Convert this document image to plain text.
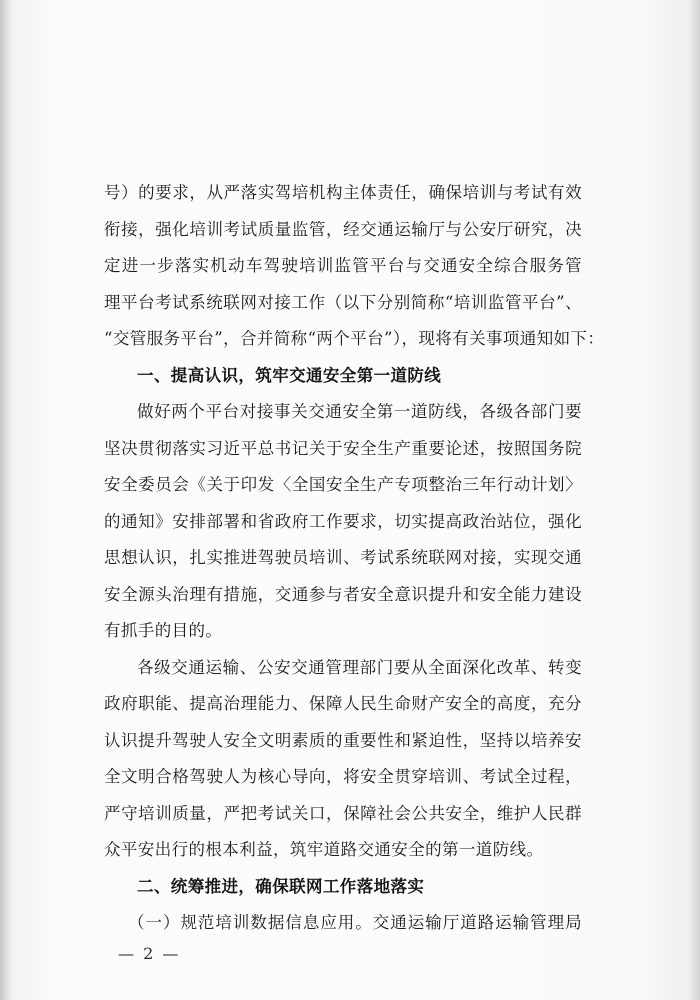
号）的要求，从严落实驾培机构主体责任，确保培训与考试有效
衔接，强化培训考试质量监管，经交通运输厅与公安厅研究，决
定进一步落实机动车驾驶培训监管平台与交通安全综合服务管
理平台考试系统联网对接工作（以下分别简称“培训监管平台”、
“交管服务平台”，合并简称“两个平台”），现将有关事项通知如下：
一、提高认识，筑牢交通安全第一道防线
做好两个平台对接事关交通安全第一道防线，各级各部门要
坚决贯彻落实习近平总书记关于安全生产重要论述，按照国务院
安全委员会《关于印发〈全国安全生产专项整治三年行动计划〉
的通知》安排部署和省政府工作要求，切实提高政治站位，强化
思想认识，扎实推进驾驶员培训、考试系统联网对接，实现交通
安全源头治理有措施，交通参与者安全意识提升和安全能力建设
有抓手的目的。
各级交通运输、公安交通管理部门要从全面深化改革、转变
政府职能、提高治理能力、保障人民生命财产安全的高度，充分
认识提升驾驶人安全文明素质的重要性和紧迫性，坚持以培养安
全文明合格驾驶人为核心导向，将安全贯穿培训、考试全过程，
严守培训质量，严把考试关口，保障社会公共安全，维护人民群
众平安出行的根本利益，筑牢道路交通安全的第一道防线。
二、统筹推进，确保联网工作落地落实
（一）规范培训数据信息应用。交通运输厅道路运输管理局
— 2 —
